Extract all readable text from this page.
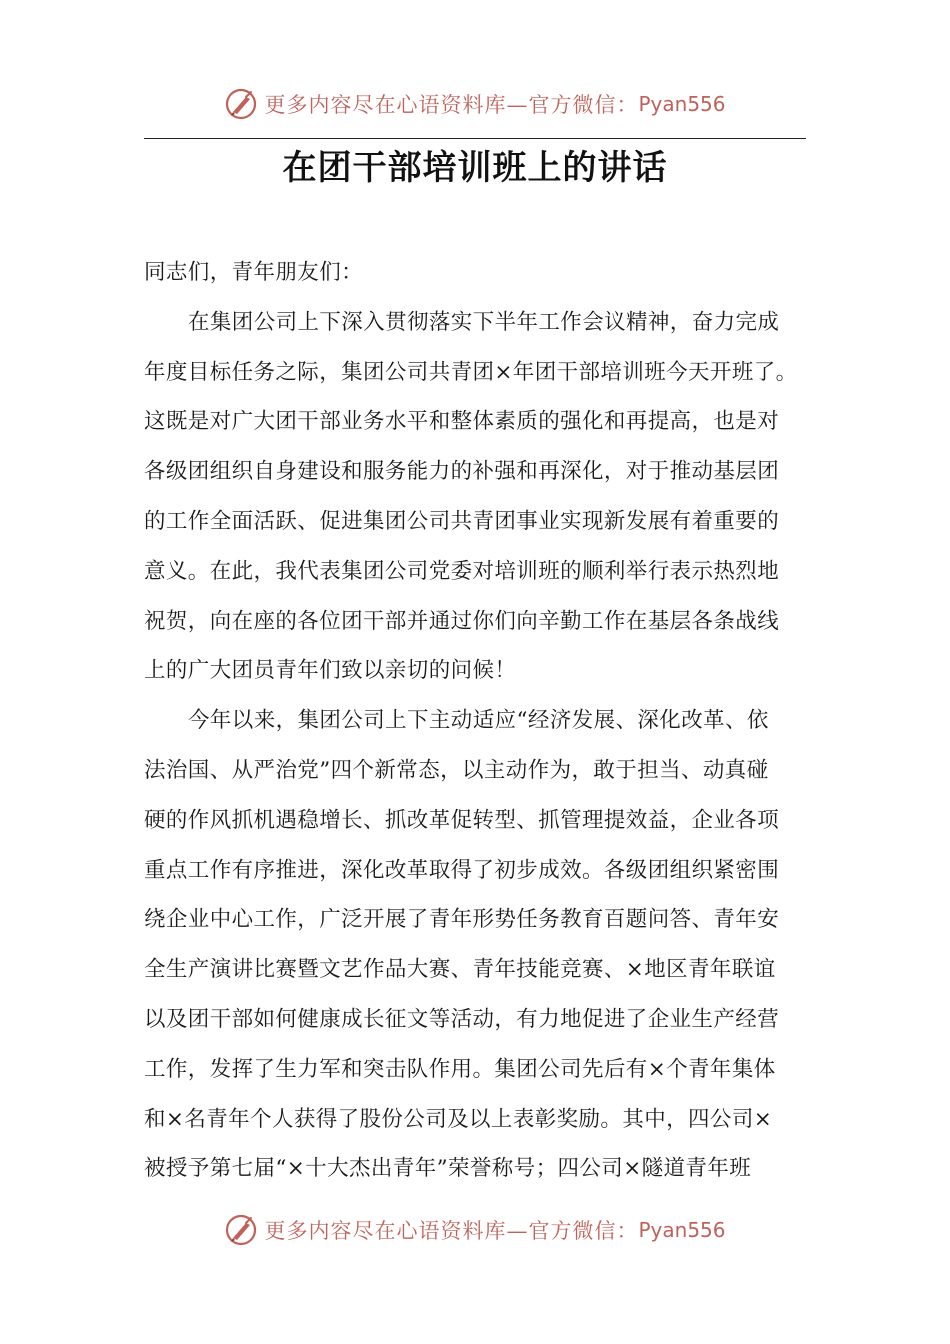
更多内容尽在心语资料库—官方微信： Pyan556
在团干部培训班上的讲话
同志们，青年朋友们：
在集团公司上下深入贯彻落实下半年工作会议精神，奋力完成
年度目标任务之际，集团公司共青团×年团干部培训班今天开班了。
这既是对广大团干部业务水平和整体素质的强化和再提高，也是对
各级团组织自身建设和服务能力的补强和再深化，对于推动基层团
的工作全面活跃、促进集团公司共青团事业实现新发展有着重要的
意义。在此，我代表集团公司党委对培训班的顺利举行表示热烈地
祝贺，向在座的各位团干部并通过你们向辛勤工作在基层各条战线
上的广大团员青年们致以亲切的问候！
今年以来，集团公司上下主动适应“经济发展、深化改革、依
法治国、从严治党”四个新常态，以主动作为，敢于担当、动真碰
硬的作风抓机遇稳增长、抓改革促转型、抓管理提效益，企业各项
重点工作有序推进，深化改革取得了初步成效。各级团组织紧密围
绕企业中心工作，广泛开展了青年形势任务教育百题问答、青年安
全生产演讲比赛暨文艺作品大赛、青年技能竞赛、×地区青年联谊
以及团干部如何健康成长征文等活动，有力地促进了企业生产经营
工作，发挥了生力军和突击队作用。集团公司先后有×个青年集体
和×名青年个人获得了股份公司及以上表彰奖励。其中，四公司×
被授予第七届“×十大杰出青年”荣誉称号；四公司×隧道青年班
更多内容尽在心语资料库—官方微信： Pyan556
